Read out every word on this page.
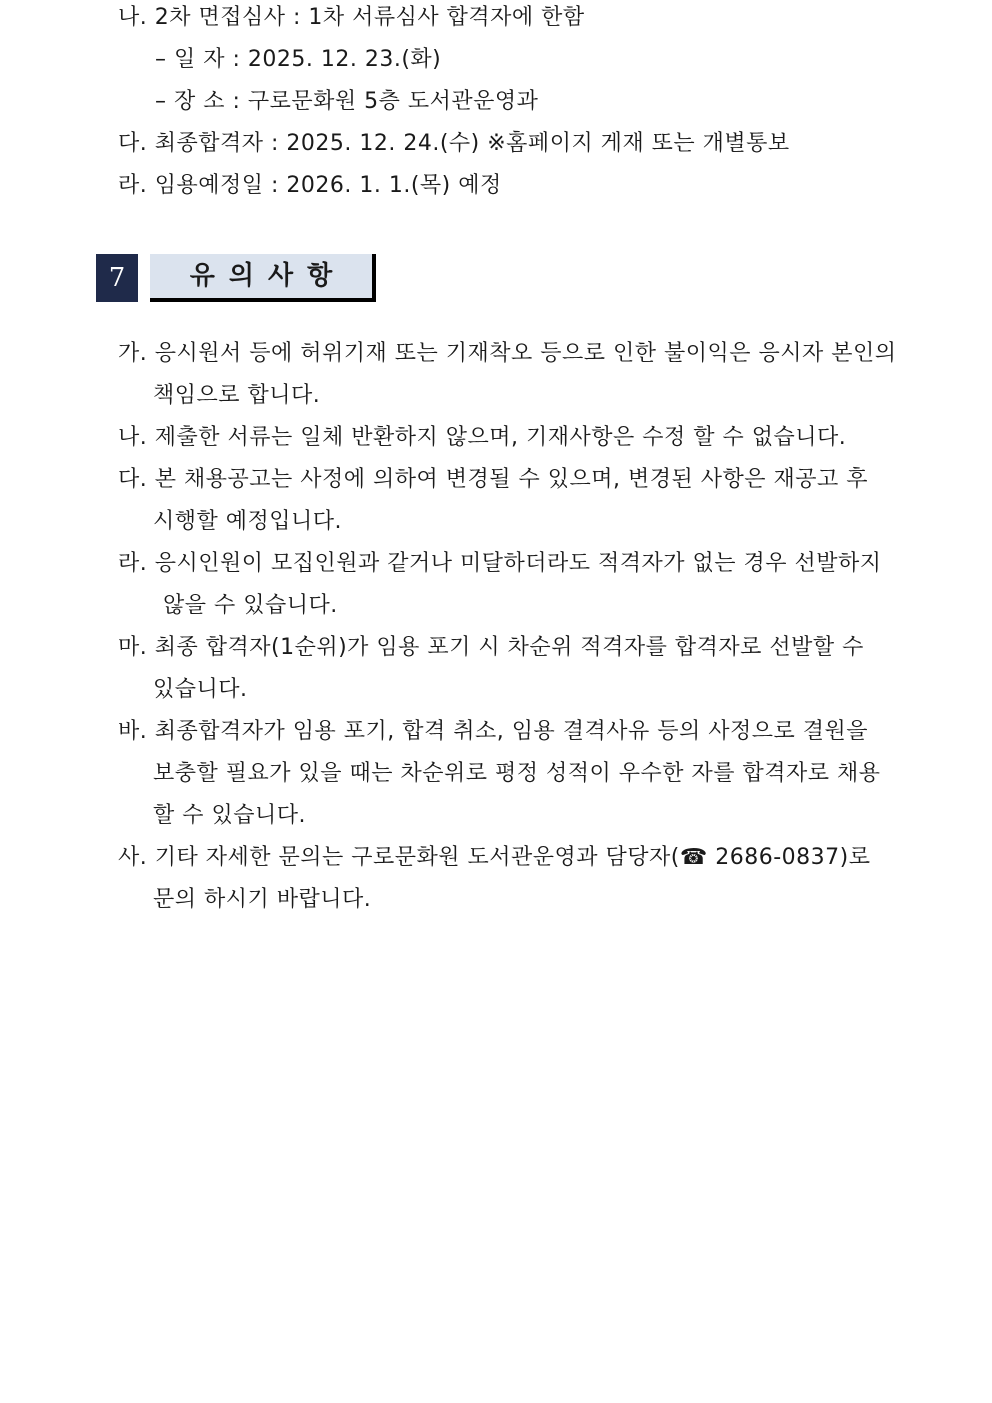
나. 2차 면접심사 : 1차 서류심사 합격자에 한함
– 일 자 : 2025. 12. 23.(화)
– 장 소 : 구로문화원 5층 도서관운영과
다. 최종합격자 : 2025. 12. 24.(수) ※홈페이지 게재 또는 개별통보
라. 임용예정일 : 2026. 1. 1.(목) 예정
7	유의사항
가. 응시원서 등에 허위기재 또는 기재착오 등으로 인한 불이익은 응시자 본인의
책임으로 합니다.
나. 제출한 서류는 일체 반환하지 않으며, 기재사항은 수정 할 수 없습니다.
다. 본 채용공고는 사정에 의하여 변경될 수 있으며, 변경된 사항은 재공고 후
시행할 예정입니다.
라. 응시인원이 모집인원과 같거나 미달하더라도 적격자가 없는 경우 선발하지
않을 수 있습니다.
마. 최종 합격자(1순위)가 임용 포기 시 차순위 적격자를 합격자로 선발할 수
있습니다.
바. 최종합격자가 임용 포기, 합격 취소, 임용 결격사유 등의 사정으로 결원을
보충할 필요가 있을 때는 차순위로 평정 성적이 우수한 자를 합격자로 채용
할 수 있습니다.
사. 기타 자세한 문의는 구로문화원 도서관운영과 담당자(☎ 2686-0837)로
문의 하시기 바랍니다.
